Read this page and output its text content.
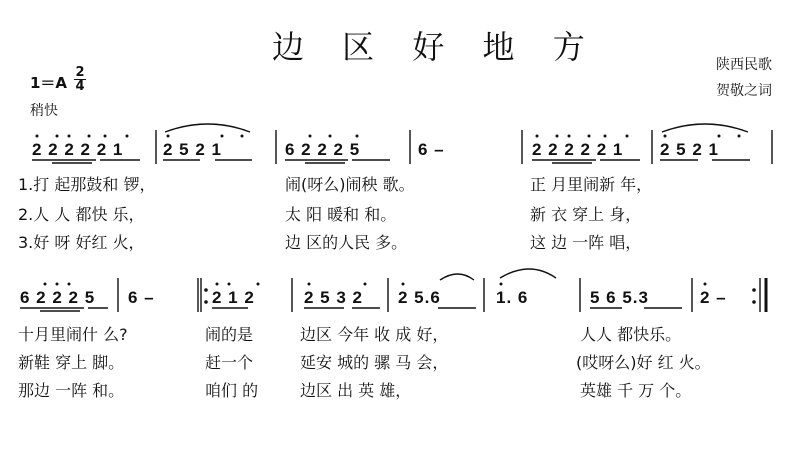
边 区 好 地 方	陕西民歌
贺敬之词
1＝A
2
4
稍快
2 2 2 2 2 1 2 5 2 1	6 2 2 2 5	6 –	2 2 2 2 2 1 2 5 2 1
1.打 起那鼓和 锣，	闹(呀么)闹秧 歌。	正 月里闹新 年，
2.人 人 都快 乐，	太 阳 暖和 和。	新 衣 穿上 身，
3.好 呀 好红 火，	边 区的人民 多。	这 边 一阵 唱，
6 2 2 2 5 6 –	2 1 2	2 5 3 2 2 5.6	1. 6	5 6 5.3	2 –
十月里闹什 么?	闹的是	边区 今年 收 成 好，	人人 都快乐。
新鞋 穿上 脚。	赶一个	延安 城的 骡 马 会，	(哎呀么)好 红 火。
那边 一阵 和。	咱们 的	边区 出 英 雄，	英雄 千 万 个。
